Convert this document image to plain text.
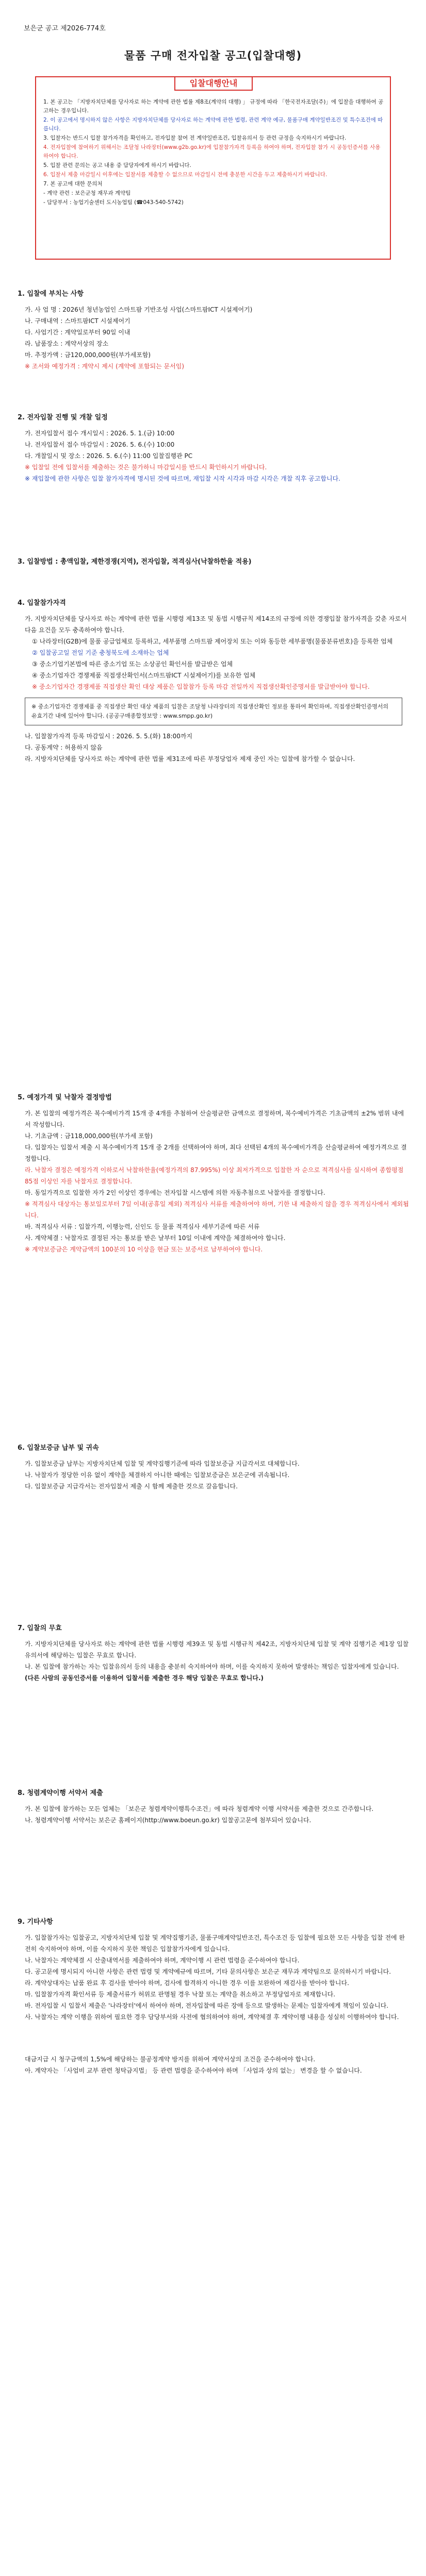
보은군 공고 제2026-774호
물품 구매 전자입찰 공고(입찰대행)
입찰대행안내

1. 본 공고는 「지방자치단체를 당사자로 하는 계약에 관한 법률 제8조(계약의 대행) 」 규정에 따라 「한국전자조달(주)」에 입찰을 대행하여 공고하는 경우입니다.

2. 이 공고에서 명시하지 않은 사항은 지방자치단체를 당사자로 하는 계약에 관한 법령, 관련 계약 예규, 물품구매 계약일반조건 및 특수조건에 따릅니다.

3. 입찰자는 반드시 입찰 참가자격을 확인하고, 전자입찰 참여 전 계약일반조건, 입찰유의서 등 관련 규정을 숙지하시기 바랍니다.

4. 전자입찰에 참여하기 위해서는 조달청 나라장터(www.g2b.go.kr)에 입찰참가자격 등록을 하여야 하며, 전자입찰 참가 시 공동인증서를 사용하여야 합니다.

5. 입찰 관련 문의는 공고 내용 중 담당자에게 하시기 바랍니다.

6. 입찰서 제출 마감일시 이후에는 입찰서를 제출할 수 없으므로 마감일시 전에 충분한 시간을 두고 제출하시기 바랍니다.

7. 본 공고에 대한 문의처

- 계약 관련 : 보은군청 재무과 계약팀

- 담당부서 : 농업기술센터 도시농업팀 (☎043-540-5742)

1. 입찰에 부치는 사항

가. 사 업 명 : 2026년 청년농업인 스마트팜 기반조성 사업(스마트팜ICT 시설제어기)

나. 구매내역 : 스마트팜ICT 시설제어기

다. 사업기간 : 계약일로부터 90일 이내

라. 납품장소 : 계약서상의 장소

마. 추정가액 : 금120,000,000원(부가세포함)

※ 조서와 예정가격 : 계약시 제시 (계약에 포함되는 문서임)

2. 전자입찰 진행 및 개찰 일정

가. 전자입찰서 접수 개시일시 : 2026. 5. 1.(금) 10:00

나. 전자입찰서 접수 마감일시 : 2026. 5. 6.(수) 10:00

다. 개찰일시 및 장소 : 2026. 5. 6.(수) 11:00 입찰집행관 PC

※ 입찰일 전에 입찰서를 제출하는 것은 불가하니 마감일시를 반드시 확인하시기 바랍니다.

※ 재입찰에 관한 사항은 입찰 참가자격에 명시된 것에 따르며, 재입찰 시작 시각과 마감 시각은 개찰 직후 공고합니다.

3. 입찰방법 : 총액입찰, 제한경쟁(지역), 전자입찰, 적격심사(낙찰하한율 적용)
4. 입찰참가자격

가. 지방자치단체를 당사자로 하는 계약에 관한 법률 시행령 제13조 및 동법 시행규칙 제14조의 규정에 의한 경쟁입찰 참가자격을 갖춘 자로서 다음 요건을 모두 충족하여야 합니다.

① 나라장터(G2B)에 물품 공급업체로 등록하고, 세부품명 스마트팜 제어장치 또는 이와 동등한 세부품명(물품분류번호)을 등록한 업체

② 입찰공고일 전일 기준 충청북도에 소재하는 업체

③ 중소기업기본법에 따른 중소기업 또는 소상공인 확인서를 발급받은 업체

④ 중소기업자간 경쟁제품 직접생산확인서(스마트팜ICT 시설제어기)를 보유한 업체

※ 중소기업자간 경쟁제품 직접생산 확인 대상 제품은 입찰참가 등록 마감 전일까지 직접생산확인증명서를 발급받아야 합니다.

※ 중소기업자간 경쟁제품 중 직접생산 확인 대상 제품의 입찰은 조달청 나라장터의 직접생산확인 정보를 통하여 확인하며, 직접생산확인증명서의 유효기간 내에 있어야 합니다. (공공구매종합정보망 : www.smpp.go.kr)

나. 입찰참가자격 등록 마감일시 : 2026. 5. 5.(화) 18:00까지

다. 공동계약 : 허용하지 않음

라. 지방자치단체를 당사자로 하는 계약에 관한 법률 제31조에 따른 부정당업자 제재 중인 자는 입찰에 참가할 수 없습니다.

5. 예정가격 및 낙찰자 결정방법

가. 본 입찰의 예정가격은 복수예비가격 15개 중 4개를 추첨하여 산술평균한 금액으로 결정하며, 복수예비가격은 기초금액의 ±2% 범위 내에서 작성합니다.

나. 기초금액 : 금118,000,000원(부가세 포함)

다. 입찰자는 입찰서 제출 시 복수예비가격 15개 중 2개를 선택하여야 하며, 최다 선택된 4개의 복수예비가격을 산술평균하여 예정가격으로 결정합니다.

라. 낙찰자 결정은 예정가격 이하로서 낙찰하한율(예정가격의 87.995%) 이상 최저가격으로 입찰한 자 순으로 적격심사를 실시하여 종합평점 85점 이상인 자를 낙찰자로 결정합니다.

마. 동일가격으로 입찰한 자가 2인 이상인 경우에는 전자입찰 시스템에 의한 자동추첨으로 낙찰자를 결정합니다.

※ 적격심사 대상자는 통보일로부터 7일 이내(공휴일 제외) 적격심사 서류를 제출하여야 하며, 기한 내 제출하지 않을 경우 적격심사에서 제외됩니다.

바. 적격심사 서류 : 입찰가격, 이행능력, 신인도 등 물품 적격심사 세부기준에 따른 서류

사. 계약체결 : 낙찰자로 결정된 자는 통보를 받은 날부터 10일 이내에 계약을 체결하여야 합니다.

※ 계약보증금은 계약금액의 100분의 10 이상을 현금 또는 보증서로 납부하여야 합니다.

6. 입찰보증금 납부 및 귀속

가. 입찰보증금 납부는 지방자치단체 입찰 및 계약집행기준에 따라 입찰보증금 지급각서로 대체합니다.

나. 낙찰자가 정당한 이유 없이 계약을 체결하지 아니한 때에는 입찰보증금은 보은군에 귀속됩니다.

다. 입찰보증금 지급각서는 전자입찰서 제출 시 함께 제출한 것으로 갈음합니다.

7. 입찰의 무효

가. 지방자치단체를 당사자로 하는 계약에 관한 법률 시행령 제39조 및 동법 시행규칙 제42조, 지방자치단체 입찰 및 계약 집행기준 제1장 입찰유의서에 해당하는 입찰은 무효로 합니다.

나. 본 입찰에 참가하는 자는 입찰유의서 등의 내용을 충분히 숙지하여야 하며, 이를 숙지하지 못하여 발생하는 책임은 입찰자에게 있습니다.

(다른 사람의 공동인증서를 이용하여 입찰서를 제출한 경우 해당 입찰은 무효로 합니다.)

8. 청렴계약이행 서약서 제출

가. 본 입찰에 참가하는 모든 업체는 「보은군 청렴계약이행특수조건」에 따라 청렴계약 이행 서약서를 제출한 것으로 간주합니다.

나. 청렴계약이행 서약서는 보은군 홈페이지(http://www.boeun.go.kr) 입찰공고문에 첨부되어 있습니다.

9. 기타사항

가. 입찰참가자는 입찰공고, 지방자치단체 입찰 및 계약집행기준, 물품구매계약일반조건, 특수조건 등 입찰에 필요한 모든 사항을 입찰 전에 완전히 숙지하여야 하며, 이를 숙지하지 못한 책임은 입찰참가자에게 있습니다.

나. 낙찰자는 계약체결 시 산출내역서를 제출하여야 하며, 계약이행 시 관련 법령을 준수하여야 합니다.

다. 공고문에 명시되지 아니한 사항은 관련 법령 및 계약예규에 따르며, 기타 문의사항은 보은군 재무과 계약팀으로 문의하시기 바랍니다.

라. 계약상대자는 납품 완료 후 검사를 받아야 하며, 검사에 합격하지 아니한 경우 이를 보완하여 재검사를 받아야 합니다.

마. 입찰참가자격 확인서류 등 제출서류가 허위로 판명될 경우 낙찰 또는 계약을 취소하고 부정당업자로 제재합니다.

바. 전자입찰 시 입찰서 제출은 '나라장터'에서 하여야 하며, 전자입찰에 따른 장애 등으로 발생하는 문제는 입찰자에게 책임이 있습니다.

사. 낙찰자는 계약 이행을 위하여 필요한 경우 담당부서와 사전에 협의하여야 하며, 계약체결 후 계약이행 내용을 성실히 이행하여야 합니다.

대금지급 시 청구금액의 1,5%에 해당하는 불공정계약 방지를 위하여 계약서상의 조건을 준수하여야 합니다.

아. 계약자는 「사업비 교부 관련 청탁금지법」 등 관련 법령을 준수하여야 하며 「사업과 상의 없는」 변경을 할 수 없습니다.
